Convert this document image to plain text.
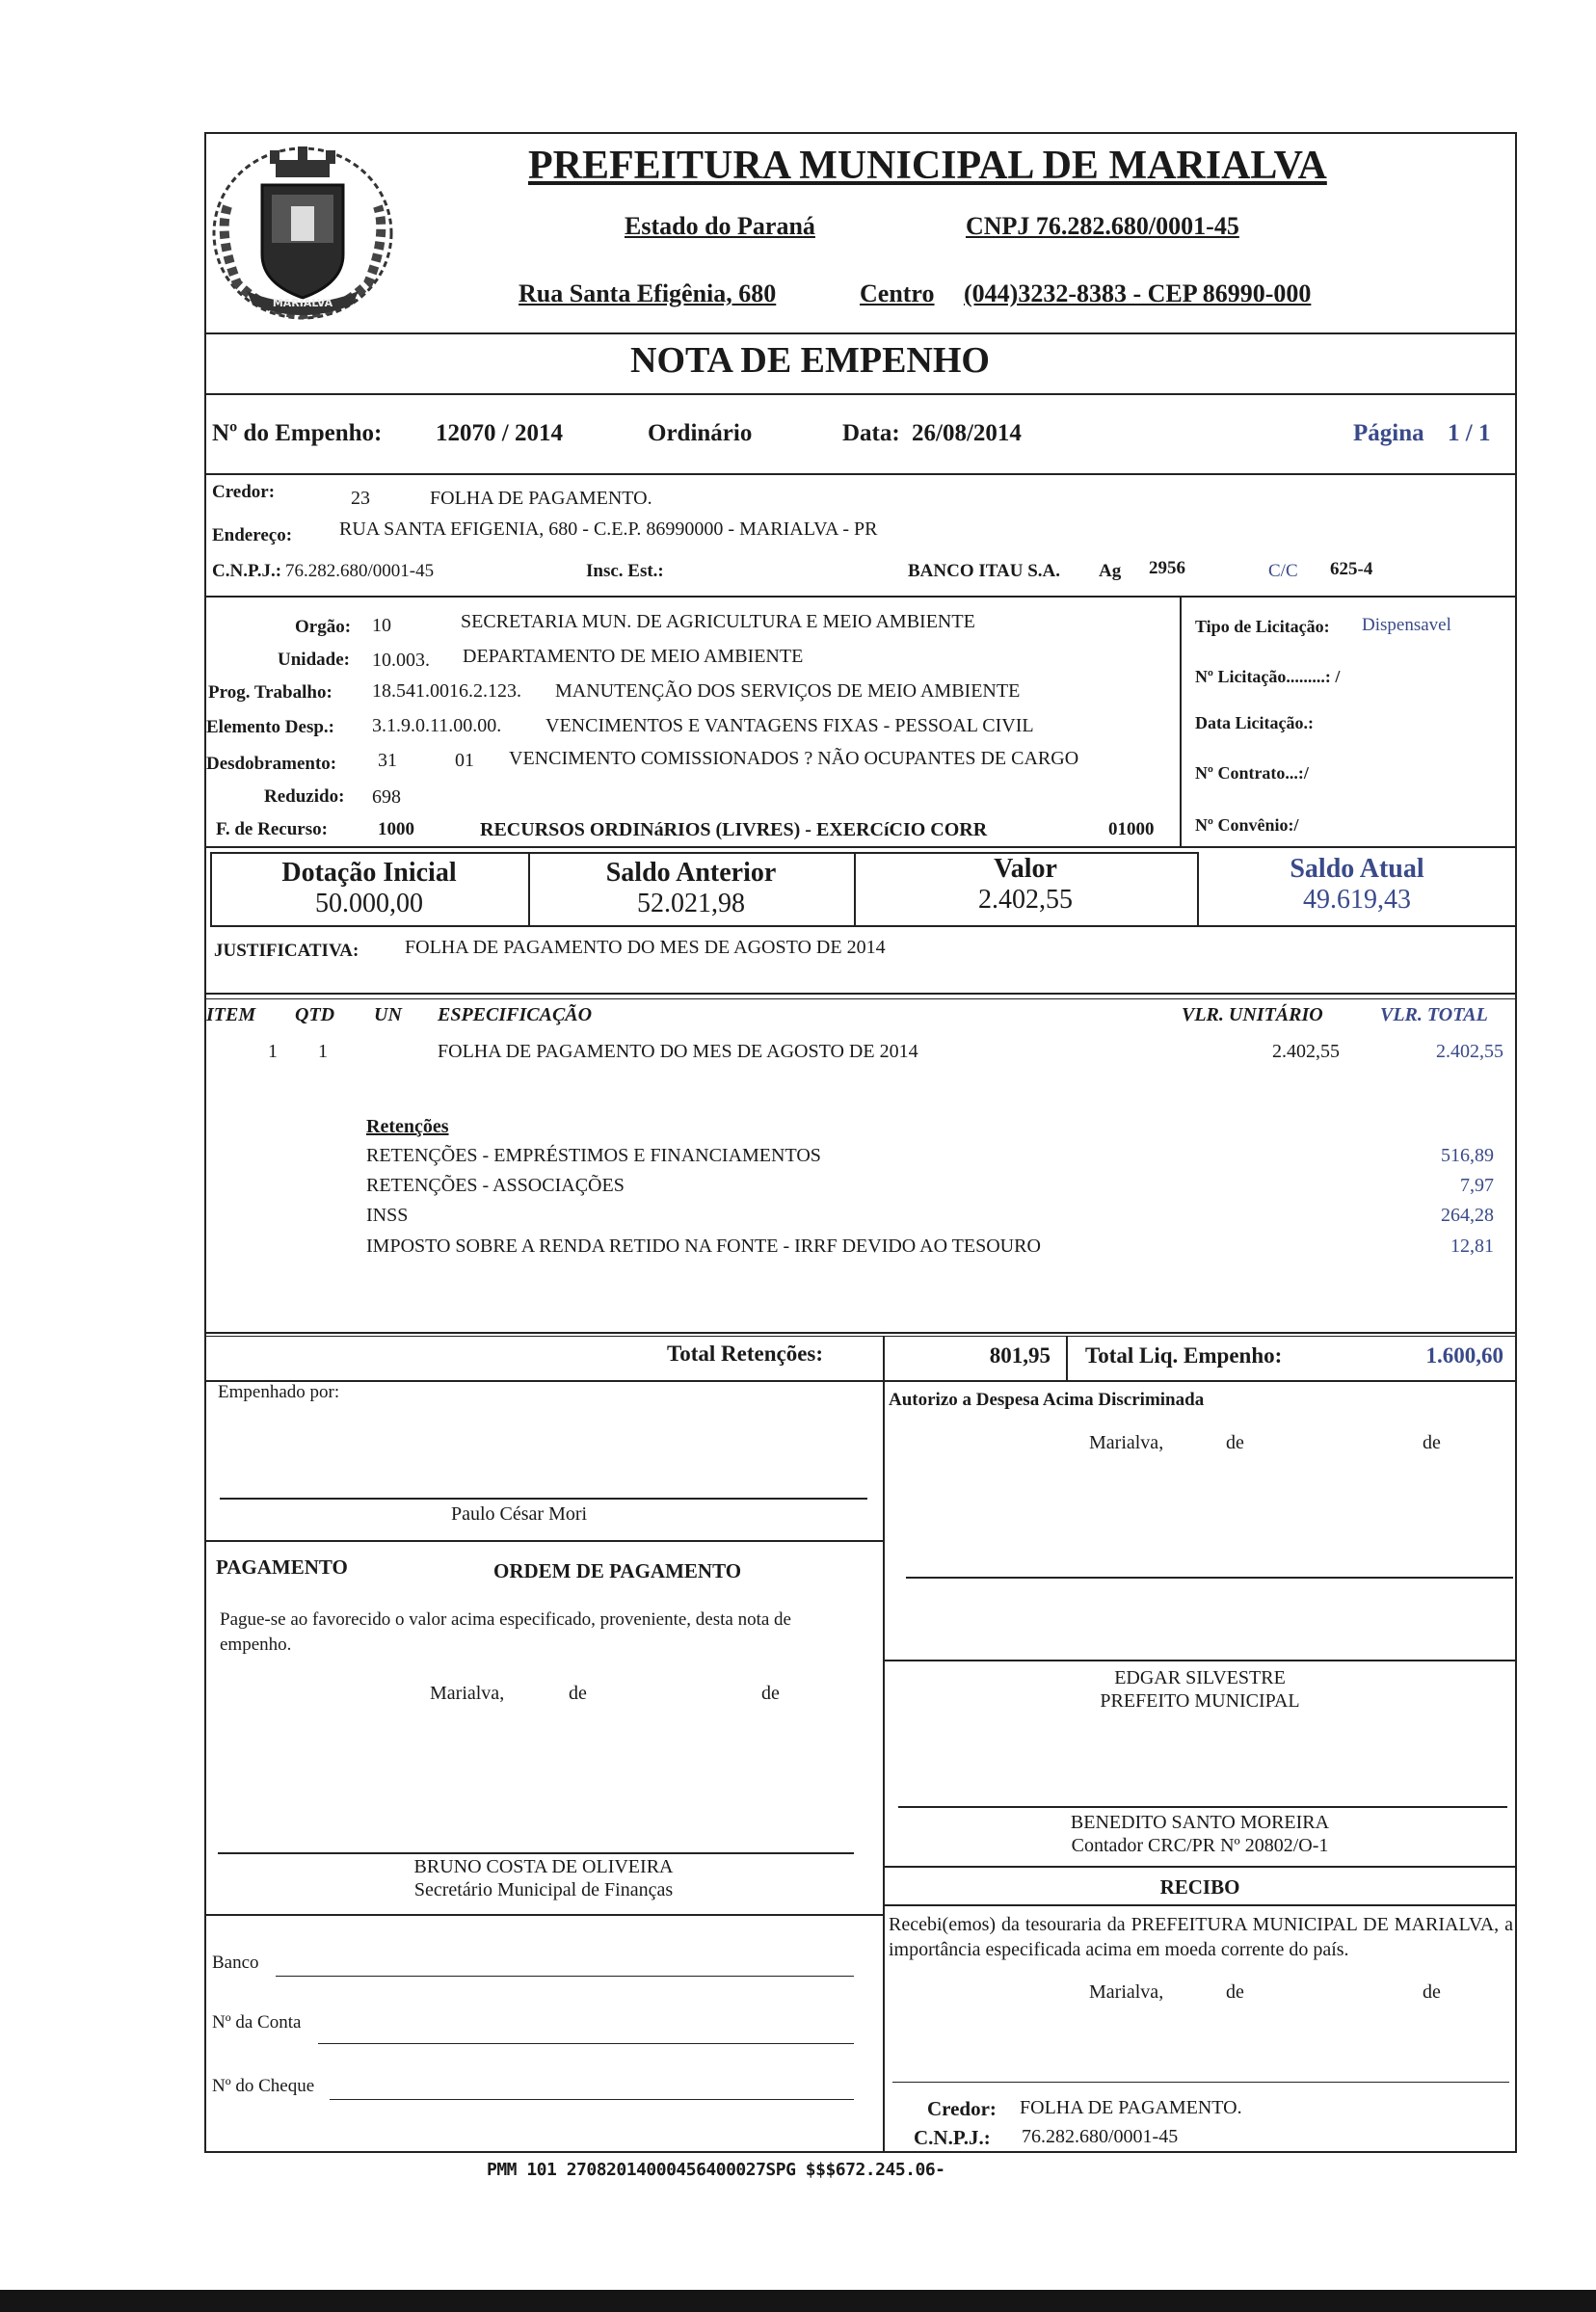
MARIALVA
PREFEITURA MUNICIPAL DE MARIALVA
Estado do Paraná	CNPJ 76.282.680/0001-45
Rua Santa Efigênia, 680	Centro (044)3232-8383 - CEP 86990-000
NOTA DE EMPENHO
Nº do Empenho: 12070 / 2014	Ordinário	Data: 26/08/2014	Página 1 / 1
Credor:	23	FOLHA DE PAGAMENTO.
Endereço: RUA SANTA EFIGENIA, 680 - C.E.P. 86990000 - MARIALVA - PR
C.N.P.J.: 76.282.680/0001-45	Insc. Est.:	BANCO ITAU S.A. Ag 2956	C/C 625-4
Orgão: 10	SECRETARIA MUN. DE AGRICULTURA E MEIO AMBIENTE
Unidade: 10.003. DEPARTAMENTO DE MEIO AMBIENTE
Prog. Trabalho: 18.541.0016.2.123. MANUTENÇÃO DOS SERVIÇOS DE MEIO AMBIENTE
Elemento Desp.: 3.1.9.0.11.00.00. VENCIMENTOS E VANTAGENS FIXAS - PESSOAL CIVIL
Desdobramento: 31	01 VENCIMENTO COMISSIONADOS ? NÃO OCUPANTES DE CARGO
Reduzido: 698
F. de Recurso:	1000	RECURSOS ORDINáRIOS (LIVRES) - EXERCíCIO CORR	01000
Tipo de Licitação: Dispensavel
Nº Licitação.........: /
Data Licitação.:
Nº Contrato...:/
Nº Convênio:/
Dotação Inicial
50.000,00
Saldo Anterior
52.021,98
Valor
2.402,55
Saldo Atual
49.619,43
JUSTIFICATIVA: FOLHA DE PAGAMENTO DO MES DE AGOSTO DE 2014
ITEM QTD UN ESPECIFICAÇÃO	VLR. UNITÁRIO	VLR. TOTAL
1 1	FOLHA DE PAGAMENTO DO MES DE AGOSTO DE 2014	2.402,55	2.402,55
Retenções
RETENÇÕES - EMPRÉSTIMOS E FINANCIAMENTOS	516,89
RETENÇÕES - ASSOCIAÇÕES	7,97
INSS	264,28
IMPOSTO SOBRE A RENDA RETIDO NA FONTE - IRRF DEVIDO AO TESOURO	12,81
Total Retenções:	801,95 Total Liq. Empenho:	1.600,60
Empenhado por:
Paulo César Mori
Autorizo a Despesa Acima Discriminada
Marialva,	de	de
PAGAMENTO	ORDEM DE PAGAMENTO
Pague-se ao favorecido o valor acima especificado, proveniente, desta nota de empenho.
Marialva,	de	de
EDGAR SILVESTRE
PREFEITO MUNICIPAL
BENEDITO SANTO MOREIRA
Contador CRC/PR Nº 20802/O-1
BRUNO COSTA DE OLIVEIRA
Secretário Municipal de Finanças	RECIBO
Recebi(emos) da tesouraria da PREFEITURA MUNICIPAL DE MARIALVA, a importância especificada acima em moeda corrente do país.
Marialva,	de	de
Banco
Nº da Conta
Nº do Cheque
Credor: FOLHA DE PAGAMENTO.
C.N.P.J.: 76.282.680/0001-45
PMM 101 27082014000456400027SPG $$$672.245.06-
